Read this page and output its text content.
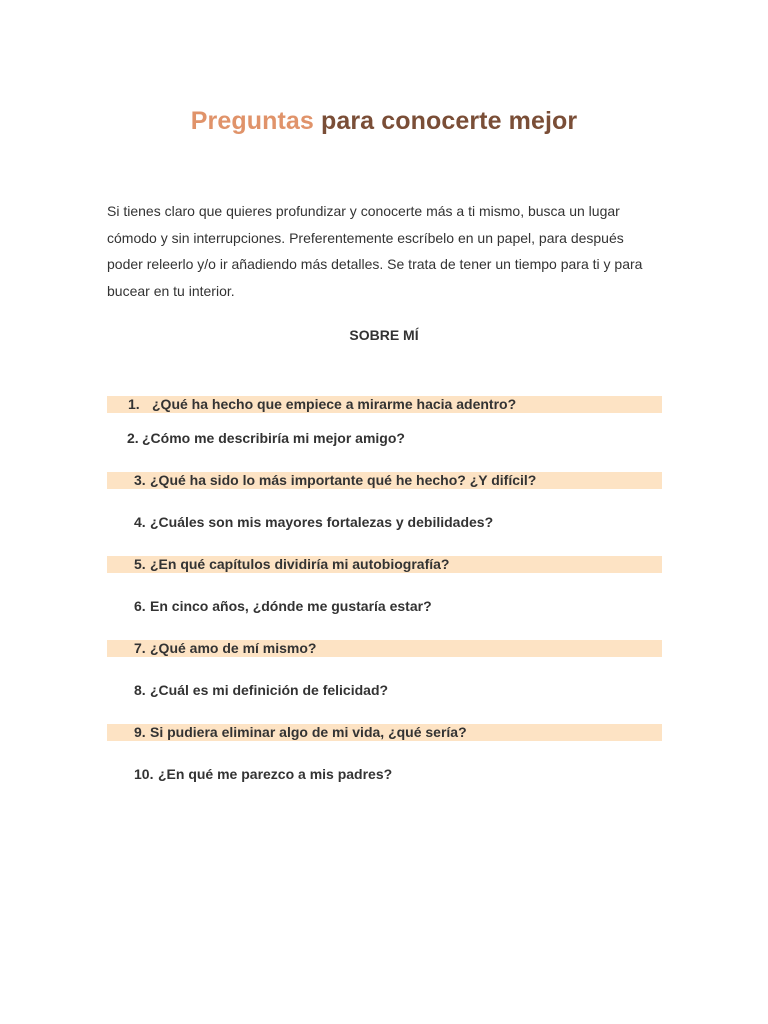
Preguntas para conocerte mejor
Si tienes claro que quieres profundizar y conocerte más a ti mismo, busca un lugar
cómodo y sin interrupciones. Preferentemente escríbelo en un papel, para después
poder releerlo y/o ir añadiendo más detalles. Se trata de tener un tiempo para ti y para
bucear en tu interior.
SOBRE MÍ
1. ¿Qué ha hecho que empiece a mirarme hacia adentro?
2. ¿Cómo me describiría mi mejor amigo?
3. ¿Qué ha sido lo más importante qué he hecho? ¿Y difícil?
4. ¿Cuáles son mis mayores fortalezas y debilidades?
5. ¿En qué capítulos dividiría mi autobiografía?
6. En cinco años, ¿dónde me gustaría estar?
7. ¿Qué amo de mí mismo?
8. ¿Cuál es mi definición de felicidad?
9. Si pudiera eliminar algo de mi vida, ¿qué sería?
10. ¿En qué me parezco a mis padres?
